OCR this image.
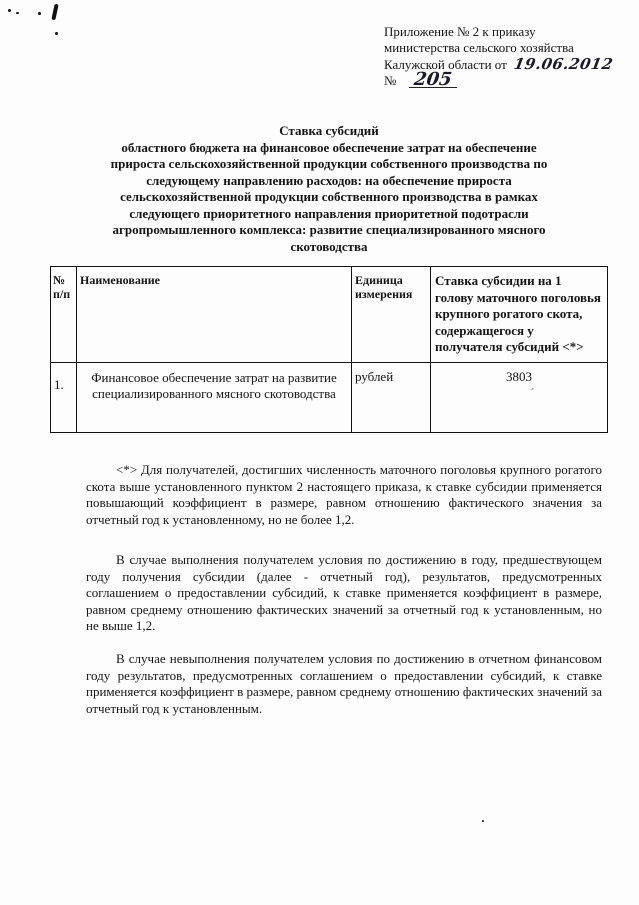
Приложение № 2 к приказу
министерства сельского хозяйства
Калужской области от 19.06.2012
№ 205
Ставка субсидий
областного бюджета на финансовое обеспечение затрат на обеспечение
прироста сельскохозяйственной продукции собственного производства по
следующему направлению расходов: на обеспечение прироста
сельскохозяйственной продукции собственного производства в рамках
следующего приоритетного направления приоритетной подотрасли
агропромышленного комплекса: развитие специализированного мясного
скотоводства
№ п/п	Наименование	Единица измерения	Ставка субсидии на 1 голову маточного поголовья крупного рогатого скота, содержащегося у получателя субсидий <*>
1.	Финансовое обеспечение затрат на развитие специализированного мясного скотоводства	рублей	3803
ˊ
<*> Для получателей, достигших численность маточного поголовья крупного рогатого скота выше установленного пунктом 2 настоящего приказа, к ставке субсидии применяется повышающий коэффициент в размере, равном отношению фактического значения за отчетный год к установленному, но не более 1,2.
В случае выполнения получателем условия по достижению в году, предшествующем году получения субсидии (далее - отчетный год), результатов, предусмотренных соглашением о предоставлении субсидий, к ставке применяется коэффициент в размере, равном среднему отношению фактических значений за отчетный год к установленным, но не выше 1,2.
В случае невыполнения получателем условия по достижению в отчетном финансовом году результатов, предусмотренных соглашением о предоставлении субсидий, к ставке применяется коэффициент в размере, равном среднему отношению фактических значений за отчетный год к установленным.
